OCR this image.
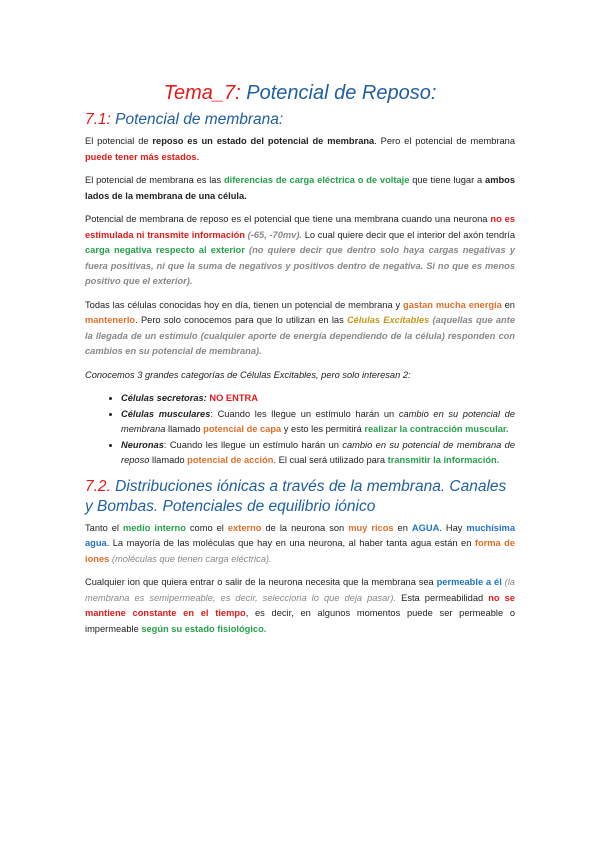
Tema_7: Potencial de Reposo:
7.1: Potencial de membrana:

El potencial de reposo es un estado del potencial de membrana. Pero el potencial de membrana puede tener más estados.

El potencial de membrana es las diferencias de carga eléctrica o de voltaje que tiene lugar a ambos lados de la membrana de una célula.

Potencial de membrana de reposo es el potencial que tiene una membrana cuando una neurona no es estimulada ni transmite información (-65, -70mv). Lo cual quiere decir que el interior del axón tendría carga negativa respecto al exterior (no quiere decir que dentro solo haya cargas negativas y fuera positivas, ni que la suma de negativos y positivos dentro de negativa. Si no que es menos positivo que el exterior).

Todas las células conocidas hoy en día, tienen un potencial de membrana y gastan mucha energía en mantenerlo. Pero solo conocemos para que lo utilizan en las Células Excitables (aquellas que ante la llegada de un estímulo (cualquier aporte de energía dependiendo de la célula) responden con cambios en su potencial de membrana).

Conocemos 3 grandes categorías de Células Excitables, pero solo interesan 2:

• Células secretoras: NO ENTRA
• Células musculares: Cuando les llegue un estímulo harán un cambio en su potencial de membrana llamado potencial de capa y esto les permitirá realizar la contracción muscular.
• Neuronas: Cuando les llegue un estímulo harán un cambio en su potencial de membrana de reposo llamado potencial de acción. El cual será utilizado para transmitir la información.
7.2. Distribuciones iónicas a través de la membrana. Canales y Bombas. Potenciales de equilibrio iónico

Tanto el medio interno como el externo de la neurona son muy ricos en AGUA. Hay muchísima agua. La mayoría de las moléculas que hay en una neurona, al haber tanta agua están en forma de iones (moléculas que tienen carga eléctrica).

Cualquier ion que quiera entrar o salir de la neurona necesita que la membrana sea permeable a él (la membrana es semipermeable, es decir, selecciona lo que deja pasar). Esta permeabilidad no se mantiene constante en el tiempo, es decir, en algunos momentos puede ser permeable o impermeable según su estado fisiológico.
